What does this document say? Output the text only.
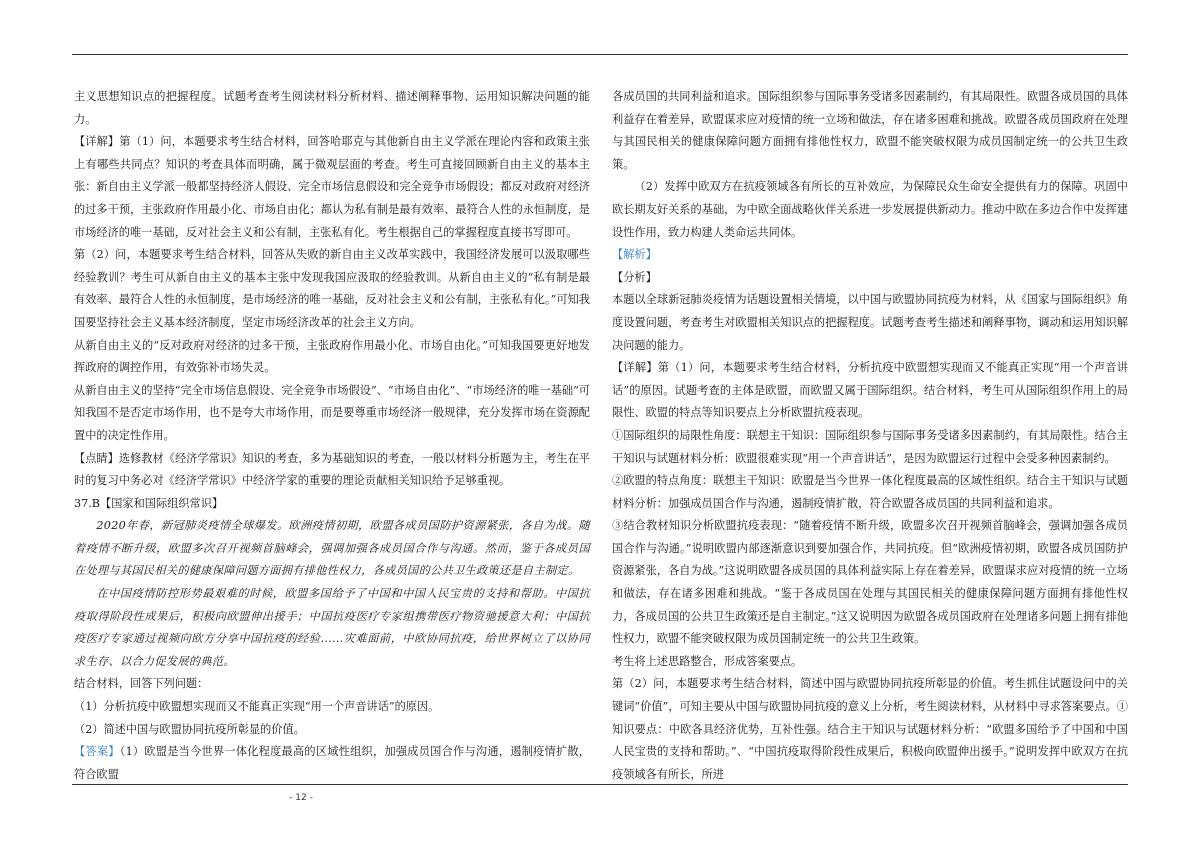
主义思想知识点的把握程度。试题考查考生阅读材料分析材料、描述阐释事物、运用知识解决问题的能力。

【详解】第（1）问，本题要求考生结合材料，回答哈耶克与其他新自由主义学派在理论内容和政策主张上有哪些共同点？知识的考查具体而明确，属于微观层面的考查。考生可直接回顾新自由主义的基本主张：新自由主义学派一般都坚持经济人假设、完全市场信息假设和完全竞争市场假设；都反对政府对经济的过多干预，主张政府作用最小化、市场自由化；都认为私有制是最有效率、最符合人性的永恒制度，是市场经济的唯一基础，反对社会主义和公有制，主张私有化。考生根据自己的掌握程度直接书写即可。

第（2）问，本题要求考生结合材料，回答从失败的新自由主义改革实践中，我国经济发展可以汲取哪些经验教训？考生可从新自由主义的基本主张中发现我国应汲取的经验教训。从新自由主义的“私有制是最有效率、最符合人性的永恒制度，是市场经济的唯一基础，反对社会主义和公有制，主张私有化。”可知我国要坚持社会主义基本经济制度，坚定市场经济改革的社会主义方向。

从新自由主义的“反对政府对经济的过多干预，主张政府作用最小化、市场自由化。”可知我国要更好地发挥政府的调控作用，有效弥补市场失灵。

从新自由主义的坚持“完全市场信息假设、完全竞争市场假设”、“市场自由化”、“市场经济的唯一基础”可知我国不是否定市场作用，也不是夸大市场作用，而是要尊重市场经济一般规律，充分发挥市场在资源配置中的决定性作用。

【点睛】选修教材《经济学常识》知识的考查，多为基础知识的考查，一般以材料分析题为主，考生在平时的复习中务必对《经济学常识》中经济学家的重要的理论贡献相关知识给予足够重视。

37.B【国家和国际组织常识】

2020年春，新冠肺炎疫情全球爆发。欧洲疫情初期，欧盟各成员国防护资源紧张，各自为战。随着疫情不断升级，欧盟多次召开视频首脑峰会，强调加强各成员国合作与沟通。然而，鉴于各成员国在处理与其国民相关的健康保障问题方面拥有排他性权力，各成员国的公共卫生政策还是自主制定。

在中国疫情防控形势最艰难的时候，欧盟多国给予了中国和中国人民宝贵的支持和帮助。中国抗疫取得阶段性成果后，积极向欧盟伸出援手；中国抗疫医疗专家组携带医疗物资驰援意大利；中国抗疫医疗专家通过视频向欧方分享中国抗疫的经验……灾难面前，中欧协同抗疫，给世界树立了以协同求生存、以合力促发展的典范。

结合材料，回答下列问题：

（1）分析抗疫中欧盟想实现而又不能真正实现“用一个声音讲话”的原因。

（2）简述中国与欧盟协同抗疫所彰显的价值。

【答案】（1）欧盟是当今世界一体化程度最高的区域性组织，加强成员国合作与沟通，遏制疫情扩散，符合欧盟

各成员国的共同利益和追求。国际组织参与国际事务受诸多因素制约，有其局限性。欧盟各成员国的具体利益存在着差异，欧盟谋求应对疫情的统一立场和做法，存在诸多困难和挑战。欧盟各成员国政府在处理与其国民相关的健康保障问题方面拥有排他性权力，欧盟不能突破权限为成员国制定统一的公共卫生政策。

（2）发挥中欧双方在抗疫领域各有所长的互补效应，为保障民众生命安全提供有力的保障。巩固中欧长期友好关系的基础，为中欧全面战略伙伴关系进一步发展提供新动力。推动中欧在多边合作中发挥建设性作用，致力构建人类命运共同体。

【解析】

【分析】

本题以全球新冠肺炎疫情为话题设置相关情境，以中国与欧盟协同抗疫为材料，从《国家与国际组织》角度设置问题，考查考生对欧盟相关知识点的把握程度。试题考查考生描述和阐释事物，调动和运用知识解决问题的能力。

【详解】第（1）问，本题要求考生结合材料，分析抗疫中欧盟想实现而又不能真正实现“用一个声音讲话”的原因。试题考查的主体是欧盟，而欧盟又属于国际组织。结合材料，考生可从国际组织作用上的局限性、欧盟的特点等知识要点上分析欧盟抗疫表现。

①国际组织的局限性角度：联想主干知识：国际组织参与国际事务受诸多因素制约，有其局限性。结合主干知识与试题材料分析：欧盟很难实现“用一个声音讲话”，是因为欧盟运行过程中会受多种因素制约。

②欧盟的特点角度：联想主干知识：欧盟是当今世界一体化程度最高的区域性组织。结合主干知识与试题材料分析：加强成员国合作与沟通，遏制疫情扩散，符合欧盟各成员国的共同利益和追求。

③结合教材知识分析欧盟抗疫表现：“随着疫情不断升级，欧盟多次召开视频首脑峰会，强调加强各成员国合作与沟通。”说明欧盟内部逐渐意识到要加强合作，共同抗疫。但“欧洲疫情初期，欧盟各成员国防护资源紧张，各自为战。”这说明欧盟各成员国的具体利益实际上存在着差异，欧盟谋求应对疫情的统一立场和做法，存在诸多困难和挑战。“鉴于各成员国在处理与其国民相关的健康保障问题方面拥有排他性权力，各成员国的公共卫生政策还是自主制定。”这又说明因为欧盟各成员国政府在处理诸多问题上拥有排他性权力，欧盟不能突破权限为成员国制定统一的公共卫生政策。

考生将上述思路整合，形成答案要点。

第（2）问，本题要求考生结合材料，简述中国与欧盟协同抗疫所彰显的价值。考生抓住试题设问中的关键词“价值”，可知主要从中国与欧盟协同抗疫的意义上分析，考生阅读材料，从材料中寻求答案要点。①知识要点：中欧各具经济优势，互补性强。结合主干知识与试题材料分析：“欧盟多国给予了中国和中国人民宝贵的支持和帮助。”、“中国抗疫取得阶段性成果后，积极向欧盟伸出援手。”说明发挥中欧双方在抗疫领域各有所长，所进

- 12 -
